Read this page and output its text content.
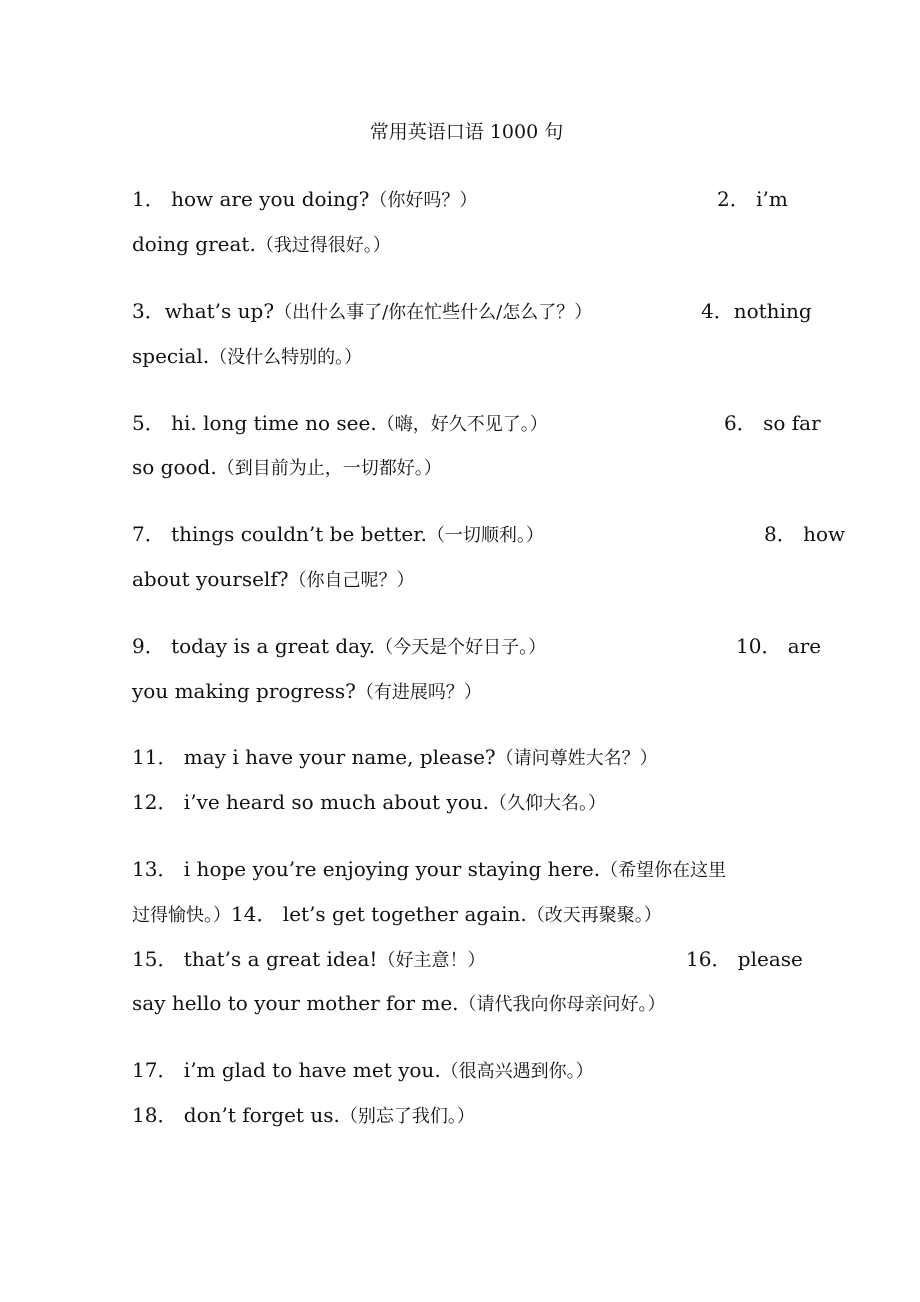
常用英语口语 1000 句
1． how are you doing?（你好吗？）	2． i’m
doing great.（我过得很好。）
3．what’s up?（出什么事了/你在忙些什么/怎么了？）	4．nothing
special.（没什么特别的。）
5． hi. long time no see.（嗨，好久不见了。）	6． so far
so good.（到目前为止，一切都好。）
7． things couldn’t be better.（一切顺利。）	8． how
about yourself?（你自己呢？）
9． today is a great day.（今天是个好日子。）	10． are
you making progress?（有进展吗？）
11． may i have your name, please?（请问尊姓大名？）
12． i’ve heard so much about you.（久仰大名。）
13． i hope you’re enjoying your staying here.（希望你在这里
过得愉快。）14． let’s get together again.（改天再聚聚。）
15． that’s a great idea!（好主意！）	16． please
say hello to your mother for me.（请代我向你母亲问好。）
17． i’m glad to have met you.（很高兴遇到你。）
18． don’t forget us.（别忘了我们。）
